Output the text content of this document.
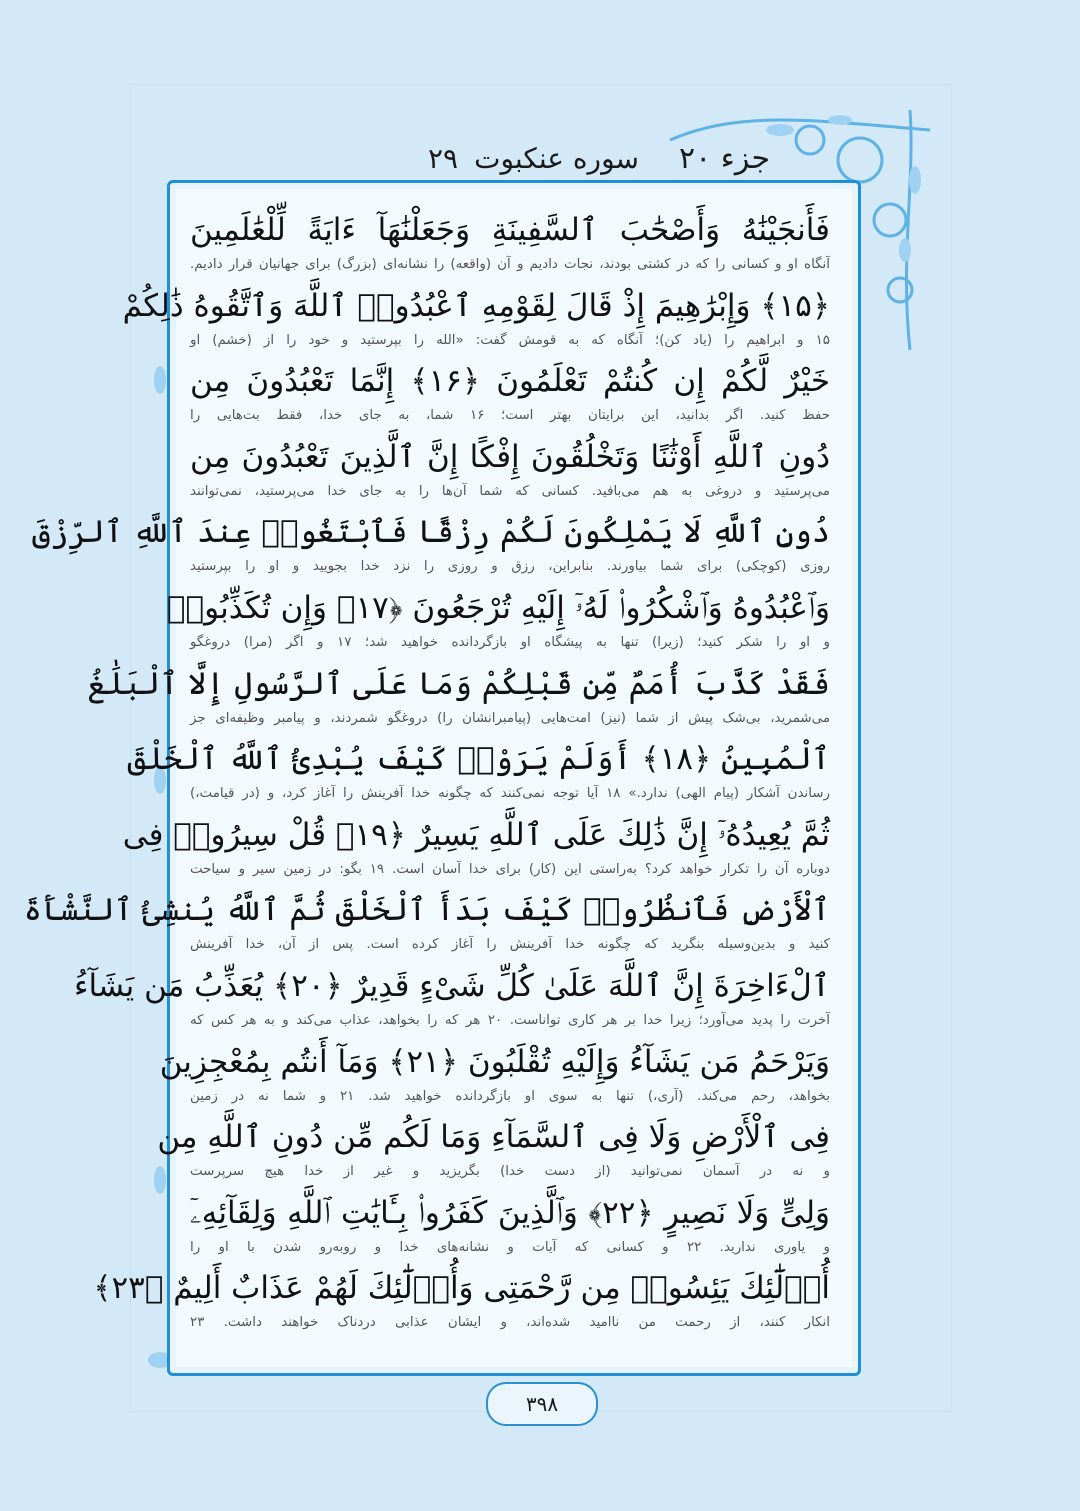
جزء ۲۰
سوره عنکبوت
۲۹
فَأَنجَيْنَٰهُ وَأَصْحَٰبَ ٱلسَّفِينَةِ وَجَعَلْنَٰهَآ ءَايَةً لِّلْعَٰلَمِينَ
آنگاه او و کسانی را که در کشتی بودند، نجات دادیم و آن (واقعه) را نشانه‌ای (بزرگ) برای جهانیان قرار دادیم.
﴿۱۵﴾ وَإِبْرَٰهِيمَ إِذْ قَالَ لِقَوْمِهِ ٱعْبُدُوا۟ ٱللَّهَ وَٱتَّقُوهُ ذَٰلِكُمْ
۱۵ و ابراهیم را (یاد کن)؛ آنگاه که به قومش گفت: «الله را بپرستید و خود را از (خشم) او
خَيْرٌ لَّكُمْ إِن كُنتُمْ تَعْلَمُونَ ﴿۱۶﴾ إِنَّمَا تَعْبُدُونَ مِن
حفظ کنید. اگر بدانید، این برایتان بهتر است؛ ۱۶ شما، به جای خدا، فقط بت‌هایی را
دُونِ ٱللَّهِ أَوْثَٰنًا وَتَخْلُقُونَ إِفْكًا إِنَّ ٱلَّذِينَ تَعْبُدُونَ مِن
می‌پرستید و دروغی به هم می‌بافید. کسانی که شما آن‌ها را به جای خدا می‌پرستید، نمی‌توانند
دُونِ ٱللَّهِ لَا يَمْلِكُونَ لَكُمْ رِزْقًا فَٱبْتَغُوا۟ عِندَ ٱللَّهِ ٱلرِّزْقَ
روزی (کوچکی) برای شما بیاورند. بنابراین، رزق و روزی را نزد خدا بجویید و او را بپرستید
وَٱعْبُدُوهُ وَٱشْكُرُوا۟ لَهُۥٓ إِلَيْهِ تُرْجَعُونَ ﴿۱۷﴾ وَإِن تُكَذِّبُوا۟
و او را شکر کنید؛ (زیرا) تنها به پیشگاه او بازگردانده خواهید شد؛ ۱۷ و اگر (مرا) دروغگو
فَقَدْ كَذَّبَ أُمَمٌ مِّن قَبْلِكُمْ وَمَا عَلَى ٱلرَّسُولِ إِلَّا ٱلْبَلَٰغُ
می‌شمرید، بی‌شک پیش از شما (نیز) امت‌هایی (پیامبرانشان را) دروغگو شمردند، و پیامبر وظیفه‌ای جز
ٱلْمُبِينُ ﴿۱۸﴾ أَوَلَمْ يَرَوْا۟ كَيْفَ يُبْدِئُ ٱللَّهُ ٱلْخَلْقَ
رساندن آشکار (پیام الهی) ندارد.» ۱۸ آیا توجه نمی‌کنند که چگونه خدا آفرینش را آغاز کرد، و (در قیامت،)
ثُمَّ يُعِيدُهُۥٓ إِنَّ ذَٰلِكَ عَلَى ٱللَّهِ يَسِيرٌ ﴿۱۹﴾ قُلْ سِيرُوا۟ فِى
دوباره آن را تکرار خواهد کرد؟ به‌راستی این (کار) برای خدا آسان است. ۱۹ بگو: در زمین سیر و سیاحت
ٱلْأَرْضِ فَٱنظُرُوا۟ كَيْفَ بَدَأَ ٱلْخَلْقَ ثُمَّ ٱللَّهُ يُنشِئُ ٱلنَّشْأَةَ
کنید و بدین‌وسیله بنگرید که چگونه خدا آفرینش را آغاز کرده است. پس از آن، خدا آفرینش
ٱلْءَاخِرَةَ إِنَّ ٱللَّهَ عَلَىٰ كُلِّ شَىْءٍ قَدِيرٌ ﴿۲۰﴾ يُعَذِّبُ مَن يَشَآءُ
آخرت را پدید می‌آورد؛ زیرا خدا بر هر کاری تواناست. ۲۰ هر که را بخواهد، عذاب می‌کند و به هر کس که
وَيَرْحَمُ مَن يَشَآءُ وَإِلَيْهِ تُقْلَبُونَ ﴿۲۱﴾ وَمَآ أَنتُم بِمُعْجِزِينَ
بخواهد، رحم می‌کند. (آری،) تنها به سوی او بازگردانده خواهید شد. ۲۱ و شما نه در زمین
فِى ٱلْأَرْضِ وَلَا فِى ٱلسَّمَآءِ وَمَا لَكُم مِّن دُونِ ٱللَّهِ مِن
و نه در آسمان نمی‌توانید (از دست خدا) بگریزید و غیر از خدا هیچ سرپرست
وَلِىٍّ وَلَا نَصِيرٍ ﴿۲۲﴾ وَٱلَّذِينَ كَفَرُوا۟ بِـَٔايَٰتِ ٱللَّهِ وَلِقَآئِهِۦٓ
و یاوری ندارید. ۲۲ و کسانی که آیات و نشانه‌های خدا و روبه‌رو شدن با او را
أُو۟لَٰٓئِكَ يَئِسُوا۟ مِن رَّحْمَتِى وَأُو۟لَٰٓئِكَ لَهُمْ عَذَابٌ أَلِيمٌ ﴿۲۳﴾
انکار کنند، از رحمت من ناامید شده‌اند، و ایشان عذابی دردناک خواهند داشت. ۲۳
۳۹۸
